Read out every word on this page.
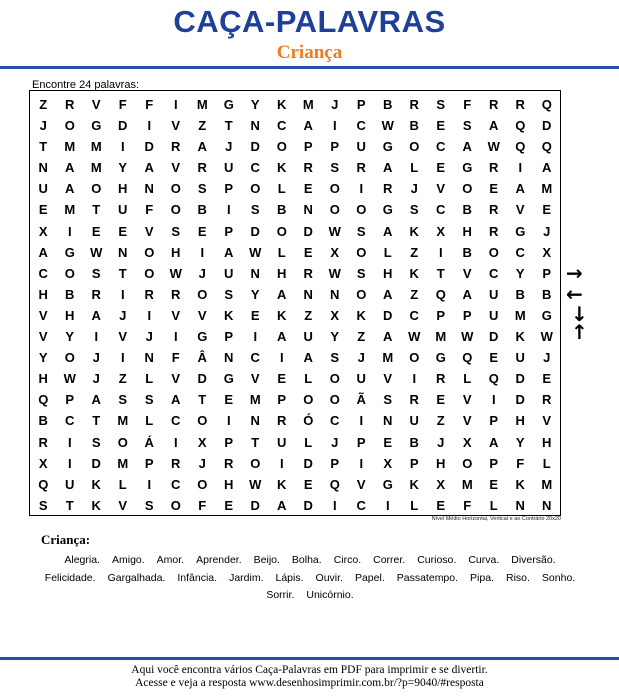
CAÇA-PALAVRAS
Criança
Encontre 24 palavras:
Z	R	V	F	F	I	M	G	Y	K	M	J	P	B	R	S	F	R	R	Q
J	O	G	D	I	V	Z	T	N	C	A	I	C	W	B	E	S	A	Q	D
T	M	M	I	D	R	A	J	D	O	P	P	U	G	O	C	A	W	Q	Q
N	A	M	Y	A	V	R	U	C	K	R	S	R	A	L	E	G	R	I	A
U	A	O	H	N	O	S	P	O	L	E	O	I	R	J	V	O	E	A	M
E	M	T	U	F	O	B	I	S	B	N	O	O	G	S	C	B	R	V	E
X	I	E	E	V	S	E	P	D	O	D	W	S	A	K	X	H	R	G	J
A	G	W	N	O	H	I	A	W	L	E	X	O	L	Z	I	B	O	C	X
C	O	S	T	O	W	J	U	N	H	R	W	S	H	K	T	V	C	Y	P
H	B	R	I	R	R	O	S	Y	A	N	N	O	A	Z	Q	A	U	B	B
V	H	A	J	I	V	V	K	E	K	Z	X	K	D	C	P	P	U	M	G
V	Y	I	V	J	I	G	P	I	A	U	Y	Z	A	W	M	W	D	K	W
Y	O	J	I	N	F	Â	N	C	I	A	S	J	M	O	G	Q	E	U	J
H	W	J	Z	L	V	D	G	V	E	L	O	U	V	I	R	L	Q	D	E
Q	P	A	S	S	A	T	E	M	P	O	O	Ã	S	R	E	V	I	D	R
B	C	T	M	L	C	O	I	N	R	Ó	C	I	N	U	Z	V	P	H	V
R	I	S	O	Á	I	X	P	T	U	L	J	P	E	B	J	X	A	Y	H
X	I	D	M	P	R	J	R	O	I	D	P	I	X	P	H	O	P	F	L
Q	U	K	L	I	C	O	H	W	K	E	Q	V	G	K	X	M	E	K	M
S	T	K	V	S	O	F	E	D	A	D	I	C	I	L	E	F	L	N	N
Nível Médio Horizontal, Vertical e ao Contrário 20x20
→
←
↓
↑
Criança:
Alegria. Amigo. Amor. Aprender. Beijo. Bolha. Circo. Correr. Curioso. Curva. Diversão.Felicidade. Gargalhada. Infância. Jardim. Lápis. Ouvir. Papel. Passatempo. Pipa. Riso. Sonho.Sorrir. Unicórnio.
Aqui você encontra vários Caça-Palavras em PDF para imprimir e se divertir.
Acesse e veja a resposta www.desenhosimprimir.com.br/?p=9040/#resposta
